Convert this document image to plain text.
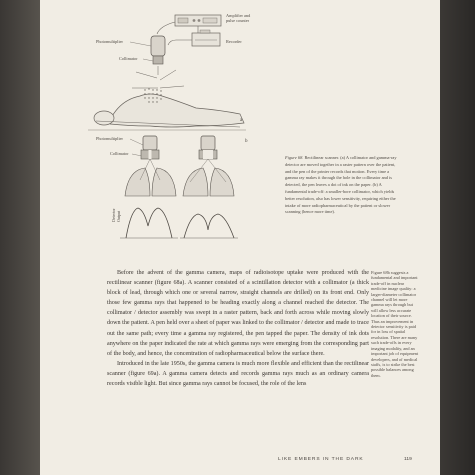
Amplifier and pulse counter
Recorder
Photomultiplier
Collimator
a
Photomultiplier
Collimator
b
DetectorOutput
Figure 68. Rectilinear scanner. (a) A collimator and gamma-ray detector are moved together in a raster pattern over the patient, and the pen of the printer records that motion. Every time a gamma ray makes it through the hole in the collimator and is detected, the pen leaves a dot of ink on the paper. (b) A fundamental trade-off: a smaller-bore collimator, which yields better resolution, also has lower sensitivity, requiring either the intake of more radiopharmaceutical by the patient or slower scanning (hence more time).

Before the advent of the gamma camera, maps of radioisotope uptake were produced with the rectilinear scanner (figure 68a). A scanner consisted of a scintillation detector with a collimator (a thick block of lead, through which one or several narrow, straight channels are drilled) on its front end. Only those few gamma rays that happened to be heading exactly along a channel reached the detector. The collimator / detector assembly was swept in a raster pattern, back and forth across while moving slowly down the patient. A pen held over a sheet of paper was linked to the collimator / detector and made to trace out the same path; every time a gamma ray registered, the pen tapped the paper. The density of ink dots anywhere on the paper indicated the rate at which gamma rays were emerging from the corresponding part of the body, and hence, the concentration of radiopharmaceutical below the surface there.

Introduced in the late 1950s, the gamma camera is much more flexible and efficient than the rectilinear scanner (figure 69a). A gamma camera detects and records gamma rays much as an ordinary camera records visible light. But since gamma rays cannot be focused, the role of the lens

Figure 68b suggests a fundamental and important trade-off in nuclear medicine image quality: a larger-diameter collimator channel will let more gamma rays through but will allow less accurate location of their source. Thus an improvement in detector sensitivity is paid for in loss of spatial resolution. There are many such trade-offs in every imaging modality, and an important job of equipment developers, and of medical staffs, is to strike the best possible balances among them.
LIKE EMBERS IN THE DARK	119
